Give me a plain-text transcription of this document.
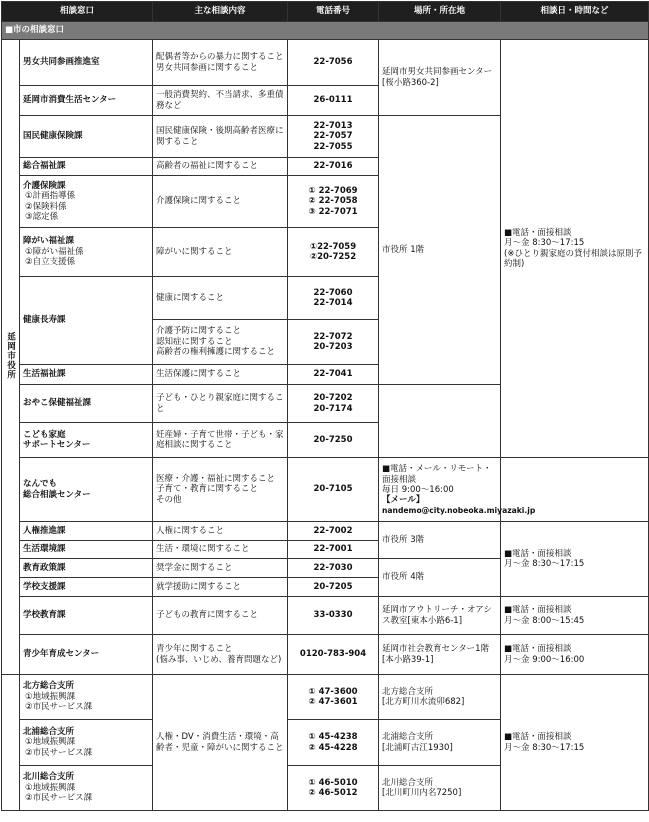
相談窓口		主な相談内容	電話番号	場所・所在地	相談日・時間など	
■市の相談窓口						
延岡市役所	男女共同参画推進室	配偶者等からの暴力に関すること
男女共同参画に関すること	22-7056	延岡市男女共同参画センター[桜小路360-2]	■電話・面接相談
月～金 8:30～17:15
(※ひとり親家庭の貸付相談は原則予約制)	

	延岡市消費生活センター	一般消費契約、不当請求、多重債務など	26-0111			

	国民健康保険課	国民健康保険・後期高齢者医療に関すること	22-7013
22-7057
22-7055	市役所 1階		

	総合福祉課	高齢者の福祉に関すること	22-7016			

	介護保険課
①計画指導係
②保険料係
③認定係	介護保険に関すること	① 22-7069
② 22-7058
③ 22-7071			

	障がい福祉課
①障がい福祉係
②自立支援係	障がいに関すること	①22-7059
②20-7252			

	健康長寿課	健康に関すること	22-7060
22-7014			

		介護予防に関すること
認知症に関すること
高齢者の権利擁護に関すること	22-7072
20-7203			

	生活福祉課	生活保護に関すること	22-7041

	おやこ保健福祉課	子ども・ひとり親家庭に関すること	20-7202
20-7174			

	こども家庭
サポートセンター	妊産婦・子育て世帯・子ども・家庭相談に関すること	20-7250			

	なんでも
総合相談センター	医療・介護・福祉に関すること
子育て・教育に関すること
その他	20-7105	■電話・メール・リモート・面接相談
毎日 9:00～16:00
【メール】
nandemo@city.nobeoka.miyazaki.jp		

	人権推進課	人権に関すること	22-7002	市役所 3階	■電話・面接相談
月～金 8:30～17:15	

	生活環境課	生活・環境に関すること	22-7001			

	教育政策課	奨学金に関すること	22-7030	市役所 4階		

	学校支援課	就学援助に関すること	20-7205			

	学校教育課	子どもの教育に関すること	33-0330	延岡市アウトリーチ・オアシス教室[東本小路6-1]	■電話・面接相談
月～金 8:00～15:45	

	青少年育成センター	青少年に関すること
(悩み事、いじめ、養育問題など)	0120-783-904	延岡市社会教育センター1階[本小路39-1]	■電話・面接相談
月～金 9:00～16:00	

	北方総合支所
①地域振興課
②市民サービス課	人権・DV・消費生活・環境・高齢者・児童・障がいに関すること	① 47-3600
② 47-3601	北方総合支所
[北方町川水流卯682]	■電話・面接相談
月～金 8:30～17:15	

	北浦総合支所
①地域振興課
②市民サービス課		① 45-4238
② 45-4228	北浦総合支所
[北浦町古江1930]		

	北川総合支所
①地域振興課
②市民サービス課		① 46-5010
② 46-5012	北川総合支所
[北川町川内名7250]		
